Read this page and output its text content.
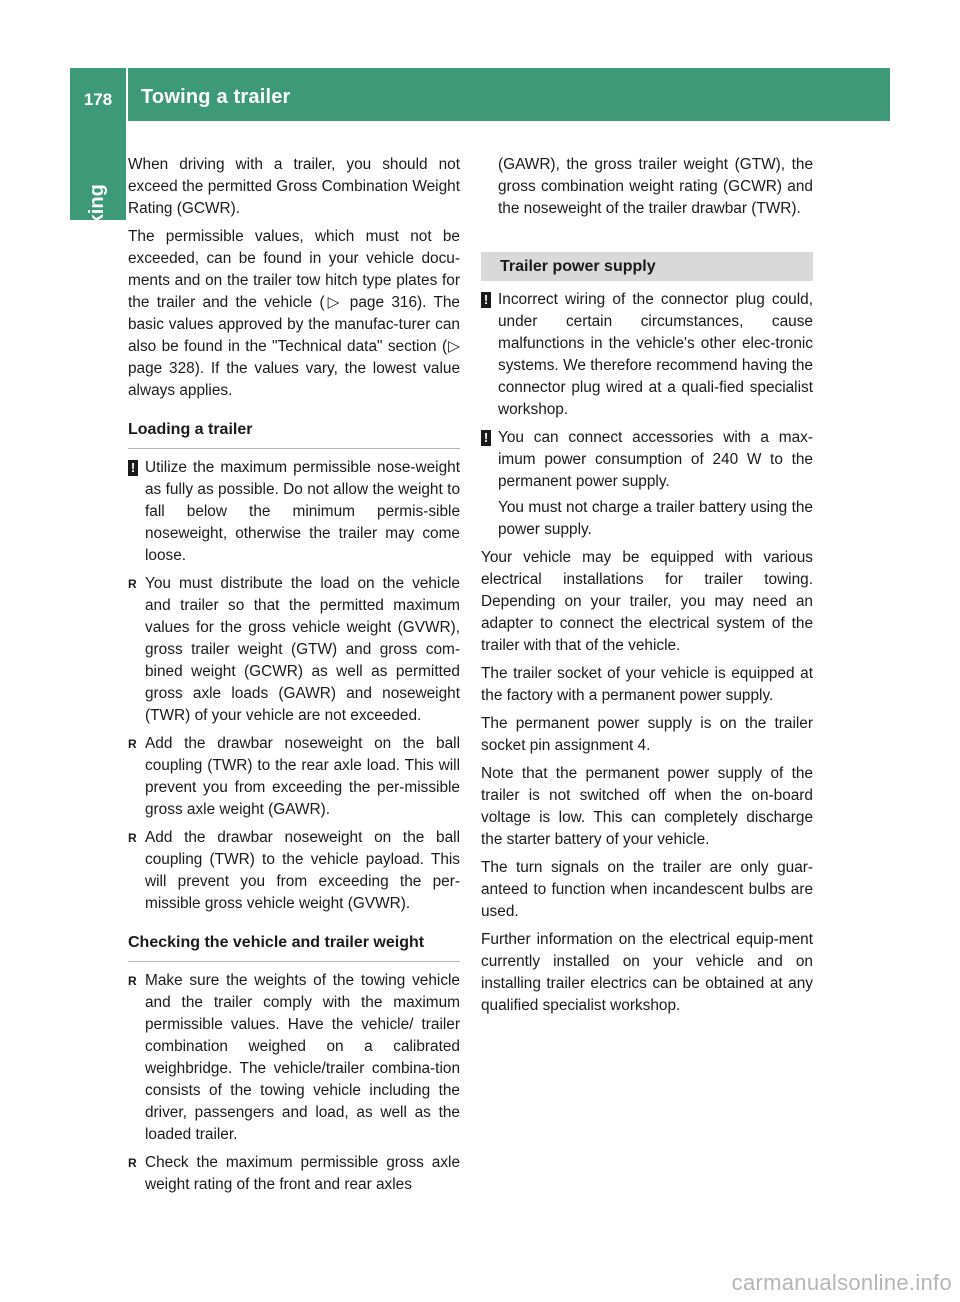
178	Towing a trailer
Driving and parking

When driving with a trailer, you should not exceed the permitted Gross Combination Weight Rating (GCWR).

The permissible values, which must not be exceeded, can be found in your vehicle docu-ments and on the trailer tow hitch type plates for the trailer and the vehicle (▷ page 316). The basic values approved by the manufac-turer can also be found in the "Technical data" section (▷ page 328). If the values vary, the lowest value always applies.

Loading a trailer
! Utilize the maximum permissible nose-weight as fully as possible. Do not allow the weight to fall below the minimum permis-sible noseweight, otherwise the trailer may come loose.
R You must distribute the load on the vehicle and trailer so that the permitted maximum values for the gross vehicle weight (GVWR), gross trailer weight (GTW) and gross com-bined weight (GCWR) as well as permitted gross axle loads (GAWR) and noseweight (TWR) of your vehicle are not exceeded.
R Add the drawbar noseweight on the ball coupling (TWR) to the rear axle load. This will prevent you from exceeding the per-missible gross axle weight (GAWR).
R Add the drawbar noseweight on the ball coupling (TWR) to the vehicle payload. This will prevent you from exceeding the per-missible gross vehicle weight (GVWR).
Checking the vehicle and trailer weight
R Make sure the weights of the towing vehicle and the trailer comply with the maximum permissible values. Have the vehicle/ trailer combination weighed on a calibrated weighbridge. The vehicle/trailer combina-tion consists of the towing vehicle including the driver, passengers and load, as well as the loaded trailer.
R Check the maximum permissible gross axle weight rating of the front and rear axles
(GAWR), the gross trailer weight (GTW), the gross combination weight rating (GCWR) and the noseweight of the trailer drawbar (TWR).
Trailer power supply
! Incorrect wiring of the connector plug could, under certain circumstances, cause malfunctions in the vehicle's other elec-tronic systems. We therefore recommend having the connector plug wired at a quali-fied specialist workshop.
! You can connect accessories with a max-imum power consumption of 240 W to the permanent power supply.
You must not charge a trailer battery using the power supply.

Your vehicle may be equipped with various electrical installations for trailer towing. Depending on your trailer, you may need an adapter to connect the electrical system of the trailer with that of the vehicle.

The trailer socket of your vehicle is equipped at the factory with a permanent power supply.

The permanent power supply is on the trailer socket pin assignment 4.

Note that the permanent power supply of the trailer is not switched off when the on-board voltage is low. This can completely discharge the starter battery of your vehicle.

The turn signals on the trailer are only guar-anteed to function when incandescent bulbs are used.

Further information on the electrical equip-ment currently installed on your vehicle and on installing trailer electrics can be obtained at any qualified specialist workshop.

carmanualsonline.info
